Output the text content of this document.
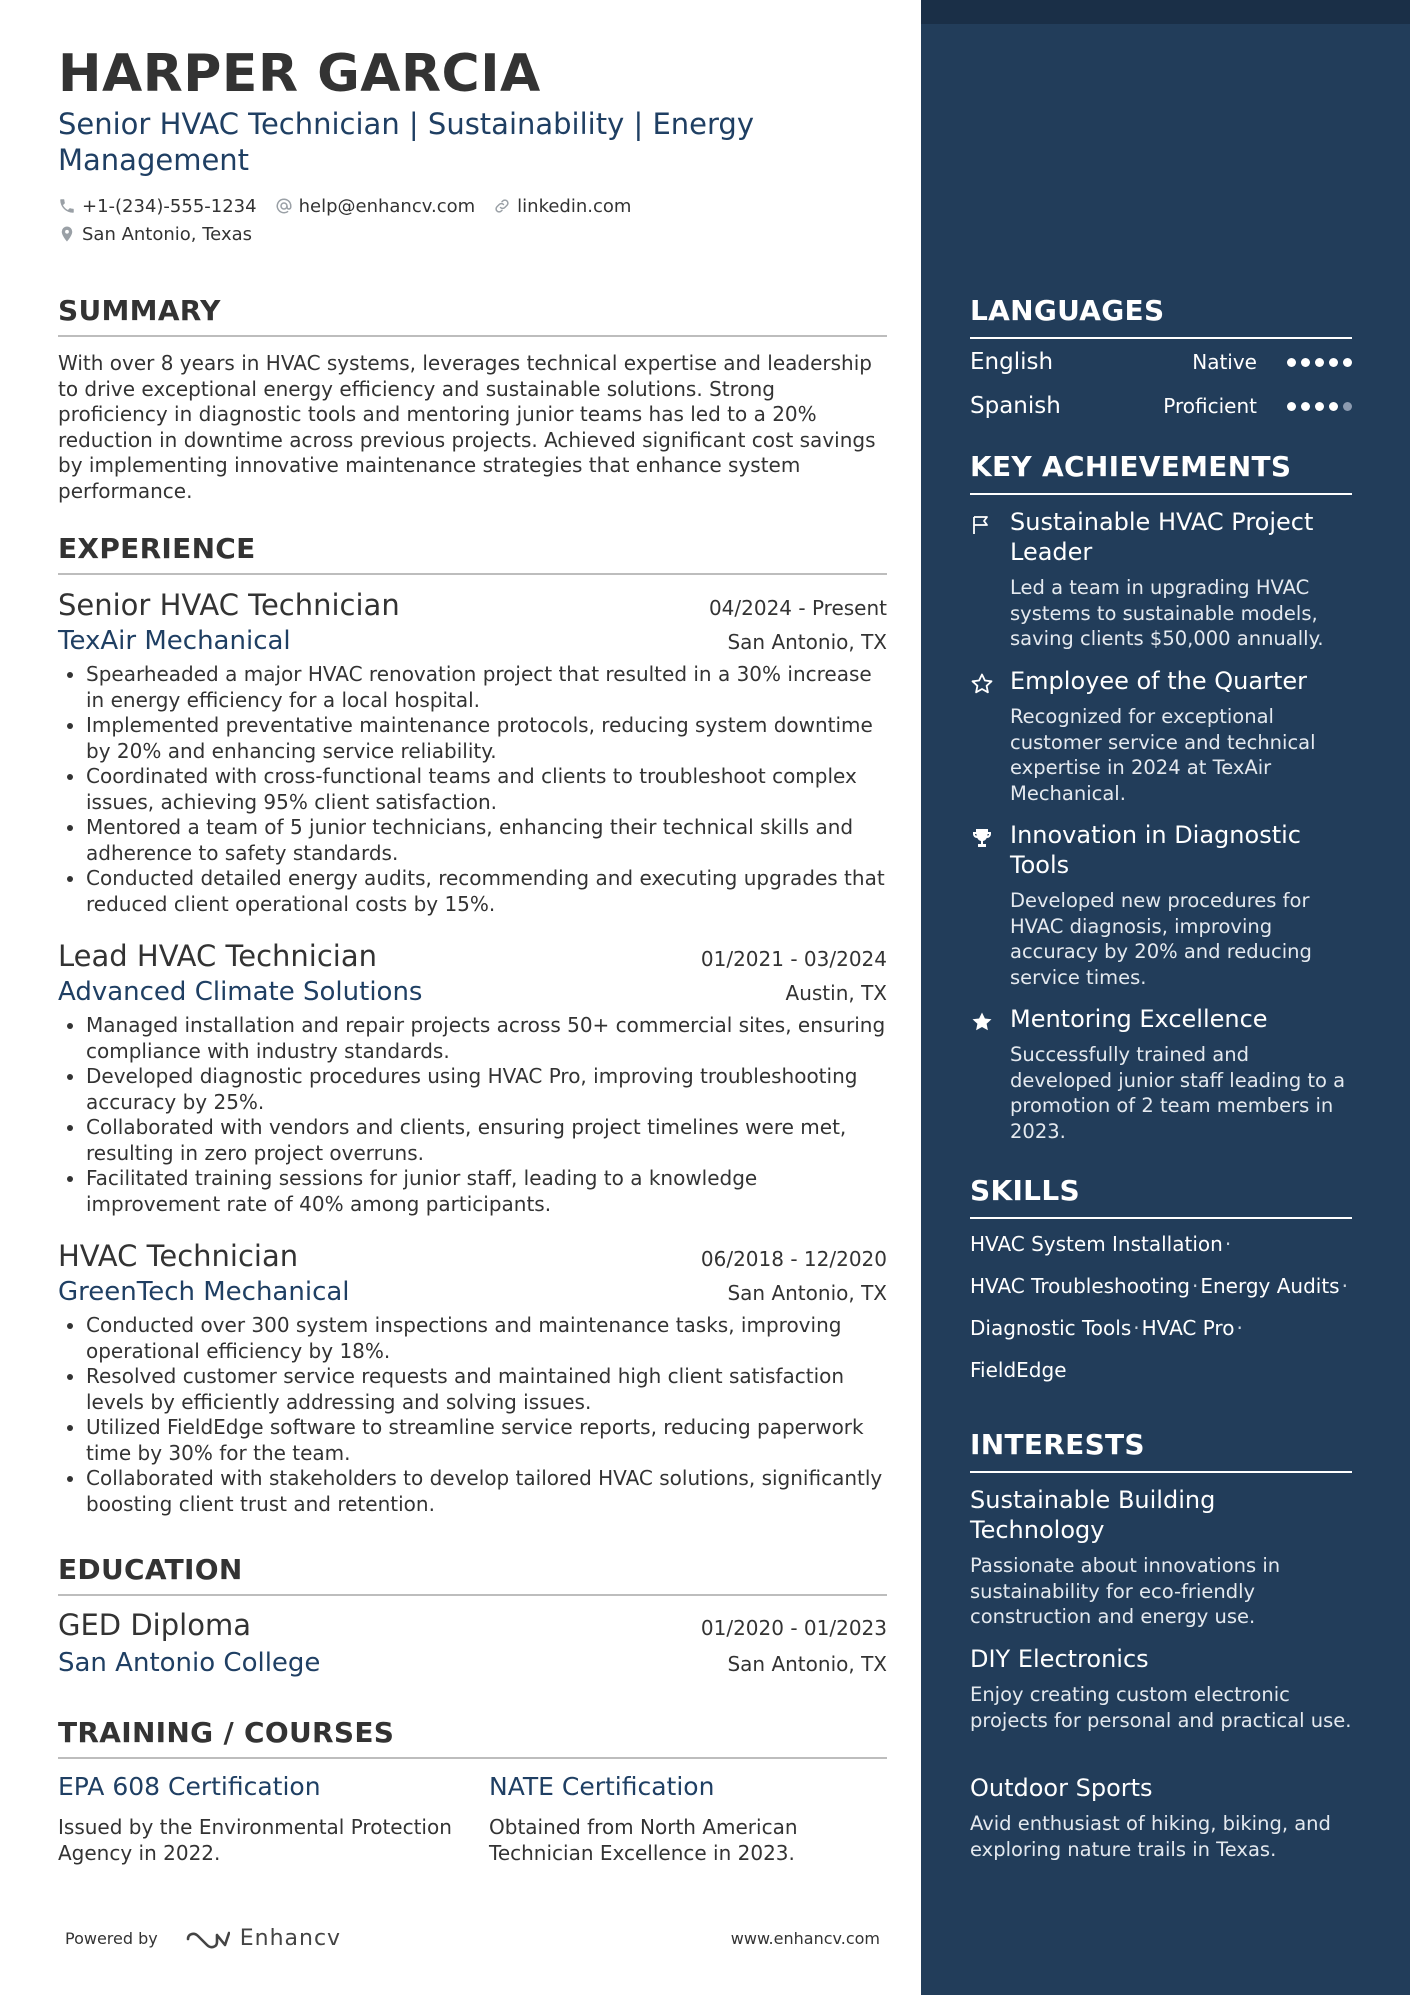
HARPER GARCIA

Senior HVAC Technician | Sustainability | Energy Management

+1-(234)-555-1234 help@enhancv.com linkedin.com
San Antonio, Texas
SUMMARY

With over 8 years in HVAC systems, leverages technical expertise and leadership to drive exceptional energy efficiency and sustainable solutions. Strong proficiency in diagnostic tools and mentoring junior teams has led to a 20% reduction in downtime across previous projects. Achieved significant cost savings by implementing innovative maintenance strategies that enhance system performance.

EXPERIENCE
Senior HVAC Technician	04/2024 - Present
TexAir Mechanical	San Antonio, TX
• Spearheaded a major HVAC renovation project that resulted in a 30% increase in energy efficiency for a local hospital.
• Implemented preventative maintenance protocols, reducing system downtime by 20% and enhancing service reliability.
• Coordinated with cross-functional teams and clients to troubleshoot complex issues, achieving 95% client satisfaction.
• Mentored a team of 5 junior technicians, enhancing their technical skills and adherence to safety standards.
• Conducted detailed energy audits, recommending and executing upgrades that reduced client operational costs by 15%.
Lead HVAC Technician	01/2021 - 03/2024
Advanced Climate Solutions	Austin, TX
• Managed installation and repair projects across 50+ commercial sites, ensuring compliance with industry standards.
• Developed diagnostic procedures using HVAC Pro, improving troubleshooting accuracy by 25%.
• Collaborated with vendors and clients, ensuring project timelines were met, resulting in zero project overruns.
• Facilitated training sessions for junior staff, leading to a knowledge improvement rate of 40% among participants.
HVAC Technician	06/2018 - 12/2020
GreenTech Mechanical	San Antonio, TX
• Conducted over 300 system inspections and maintenance tasks, improving operational efficiency by 18%.
• Resolved customer service requests and maintained high client satisfaction levels by efficiently addressing and solving issues.
• Utilized FieldEdge software to streamline service reports, reducing paperwork time by 30% for the team.
• Collaborated with stakeholders to develop tailored HVAC solutions, significantly boosting client trust and retention.
EDUCATION
GED Diploma	01/2020 - 01/2023
San Antonio College	San Antonio, TX
TRAINING / COURSES

EPA 608 Certification

Issued by the Environmental Protection Agency in 2022.

NATE Certification

Obtained from North American Technician Excellence in 2023.

Powered by	Enhancv	www.enhancv.com
LANGUAGES
English	Native
Spanish	Proficient
KEY ACHIEVEMENTS

Sustainable HVAC Project Leader

Led a team in upgrading HVAC systems to sustainable models, saving clients $50,000 annually.

Employee of the Quarter

Recognized for exceptional customer service and technical expertise in 2024 at TexAir Mechanical.

Innovation in Diagnostic Tools

Developed new procedures for HVAC diagnosis, improving accuracy by 20% and reducing service times.

Mentoring Excellence

Successfully trained and developed junior staff leading to a promotion of 2 team members in 2023.

SKILLS
HVAC System Installation ·
HVAC Troubleshooting · Energy Audits ·
Diagnostic Tools · HVAC Pro ·
FieldEdge
INTERESTS

Sustainable Building Technology

Passionate about innovations in sustainability for eco-friendly construction and energy use.

DIY Electronics

Enjoy creating custom electronic projects for personal and practical use.

Outdoor Sports

Avid enthusiast of hiking, biking, and exploring nature trails in Texas.
